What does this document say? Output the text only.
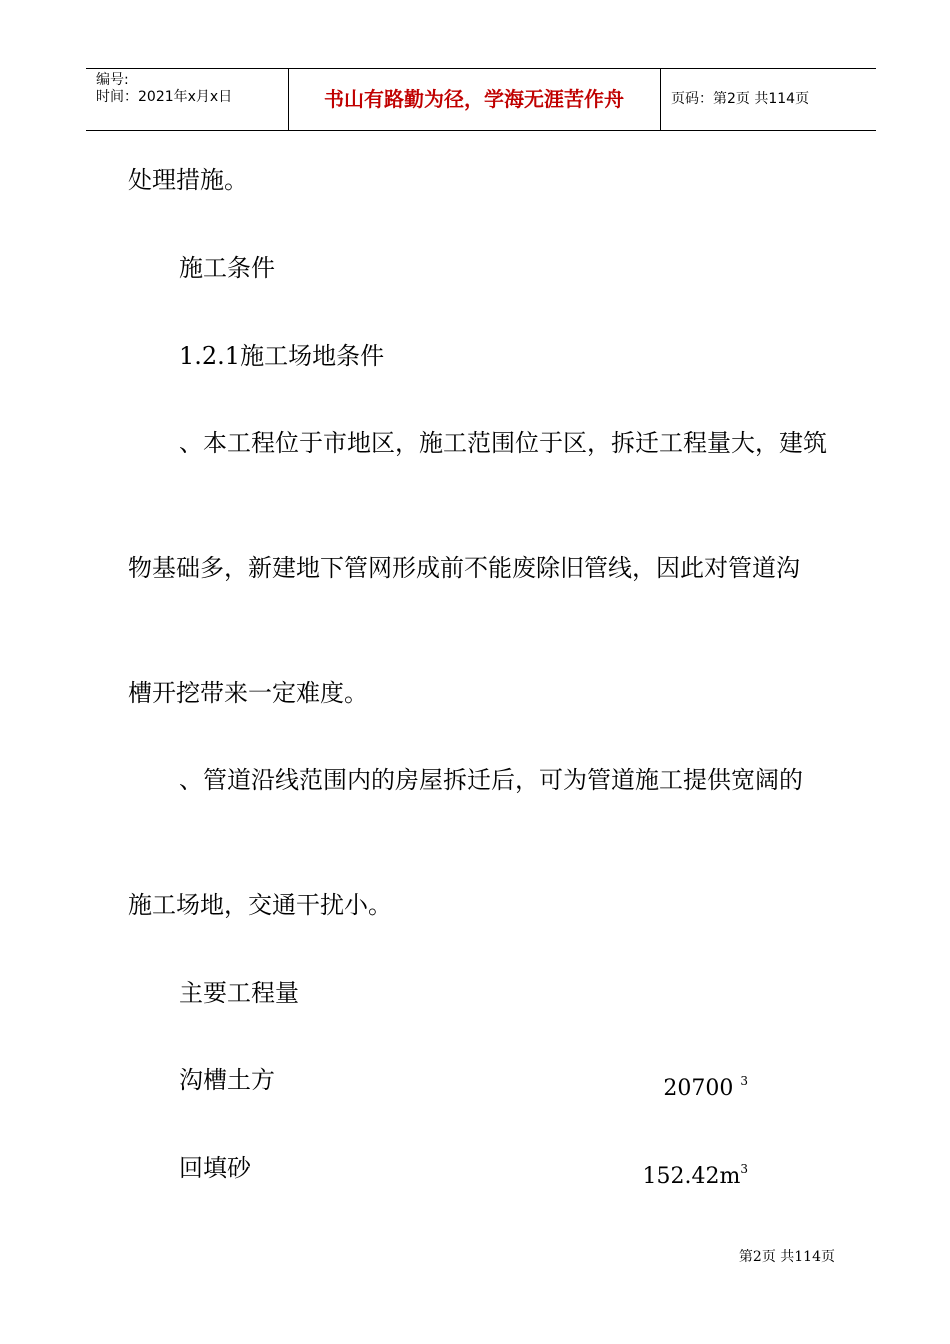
编号:
时间：2021年x月x日	书山有路勤为径，学海无涯苦作舟	页码：第2页 共114页
处理措施。
施工条件
1.2.1施工场地条件
、本工程位于市地区，施工范围位于区，拆迁工程量大，建筑
物基础多，新建地下管网形成前不能废除旧管线，因此对管道沟
槽开挖带来一定难度。
、管道沿线范围内的房屋拆迁后，可为管道施工提供宽阔的
施工场地，交通干扰小。
主要工程量
沟槽土方	20700 $^3$
回填砂	$152.42m^3$
第2页 共114页
